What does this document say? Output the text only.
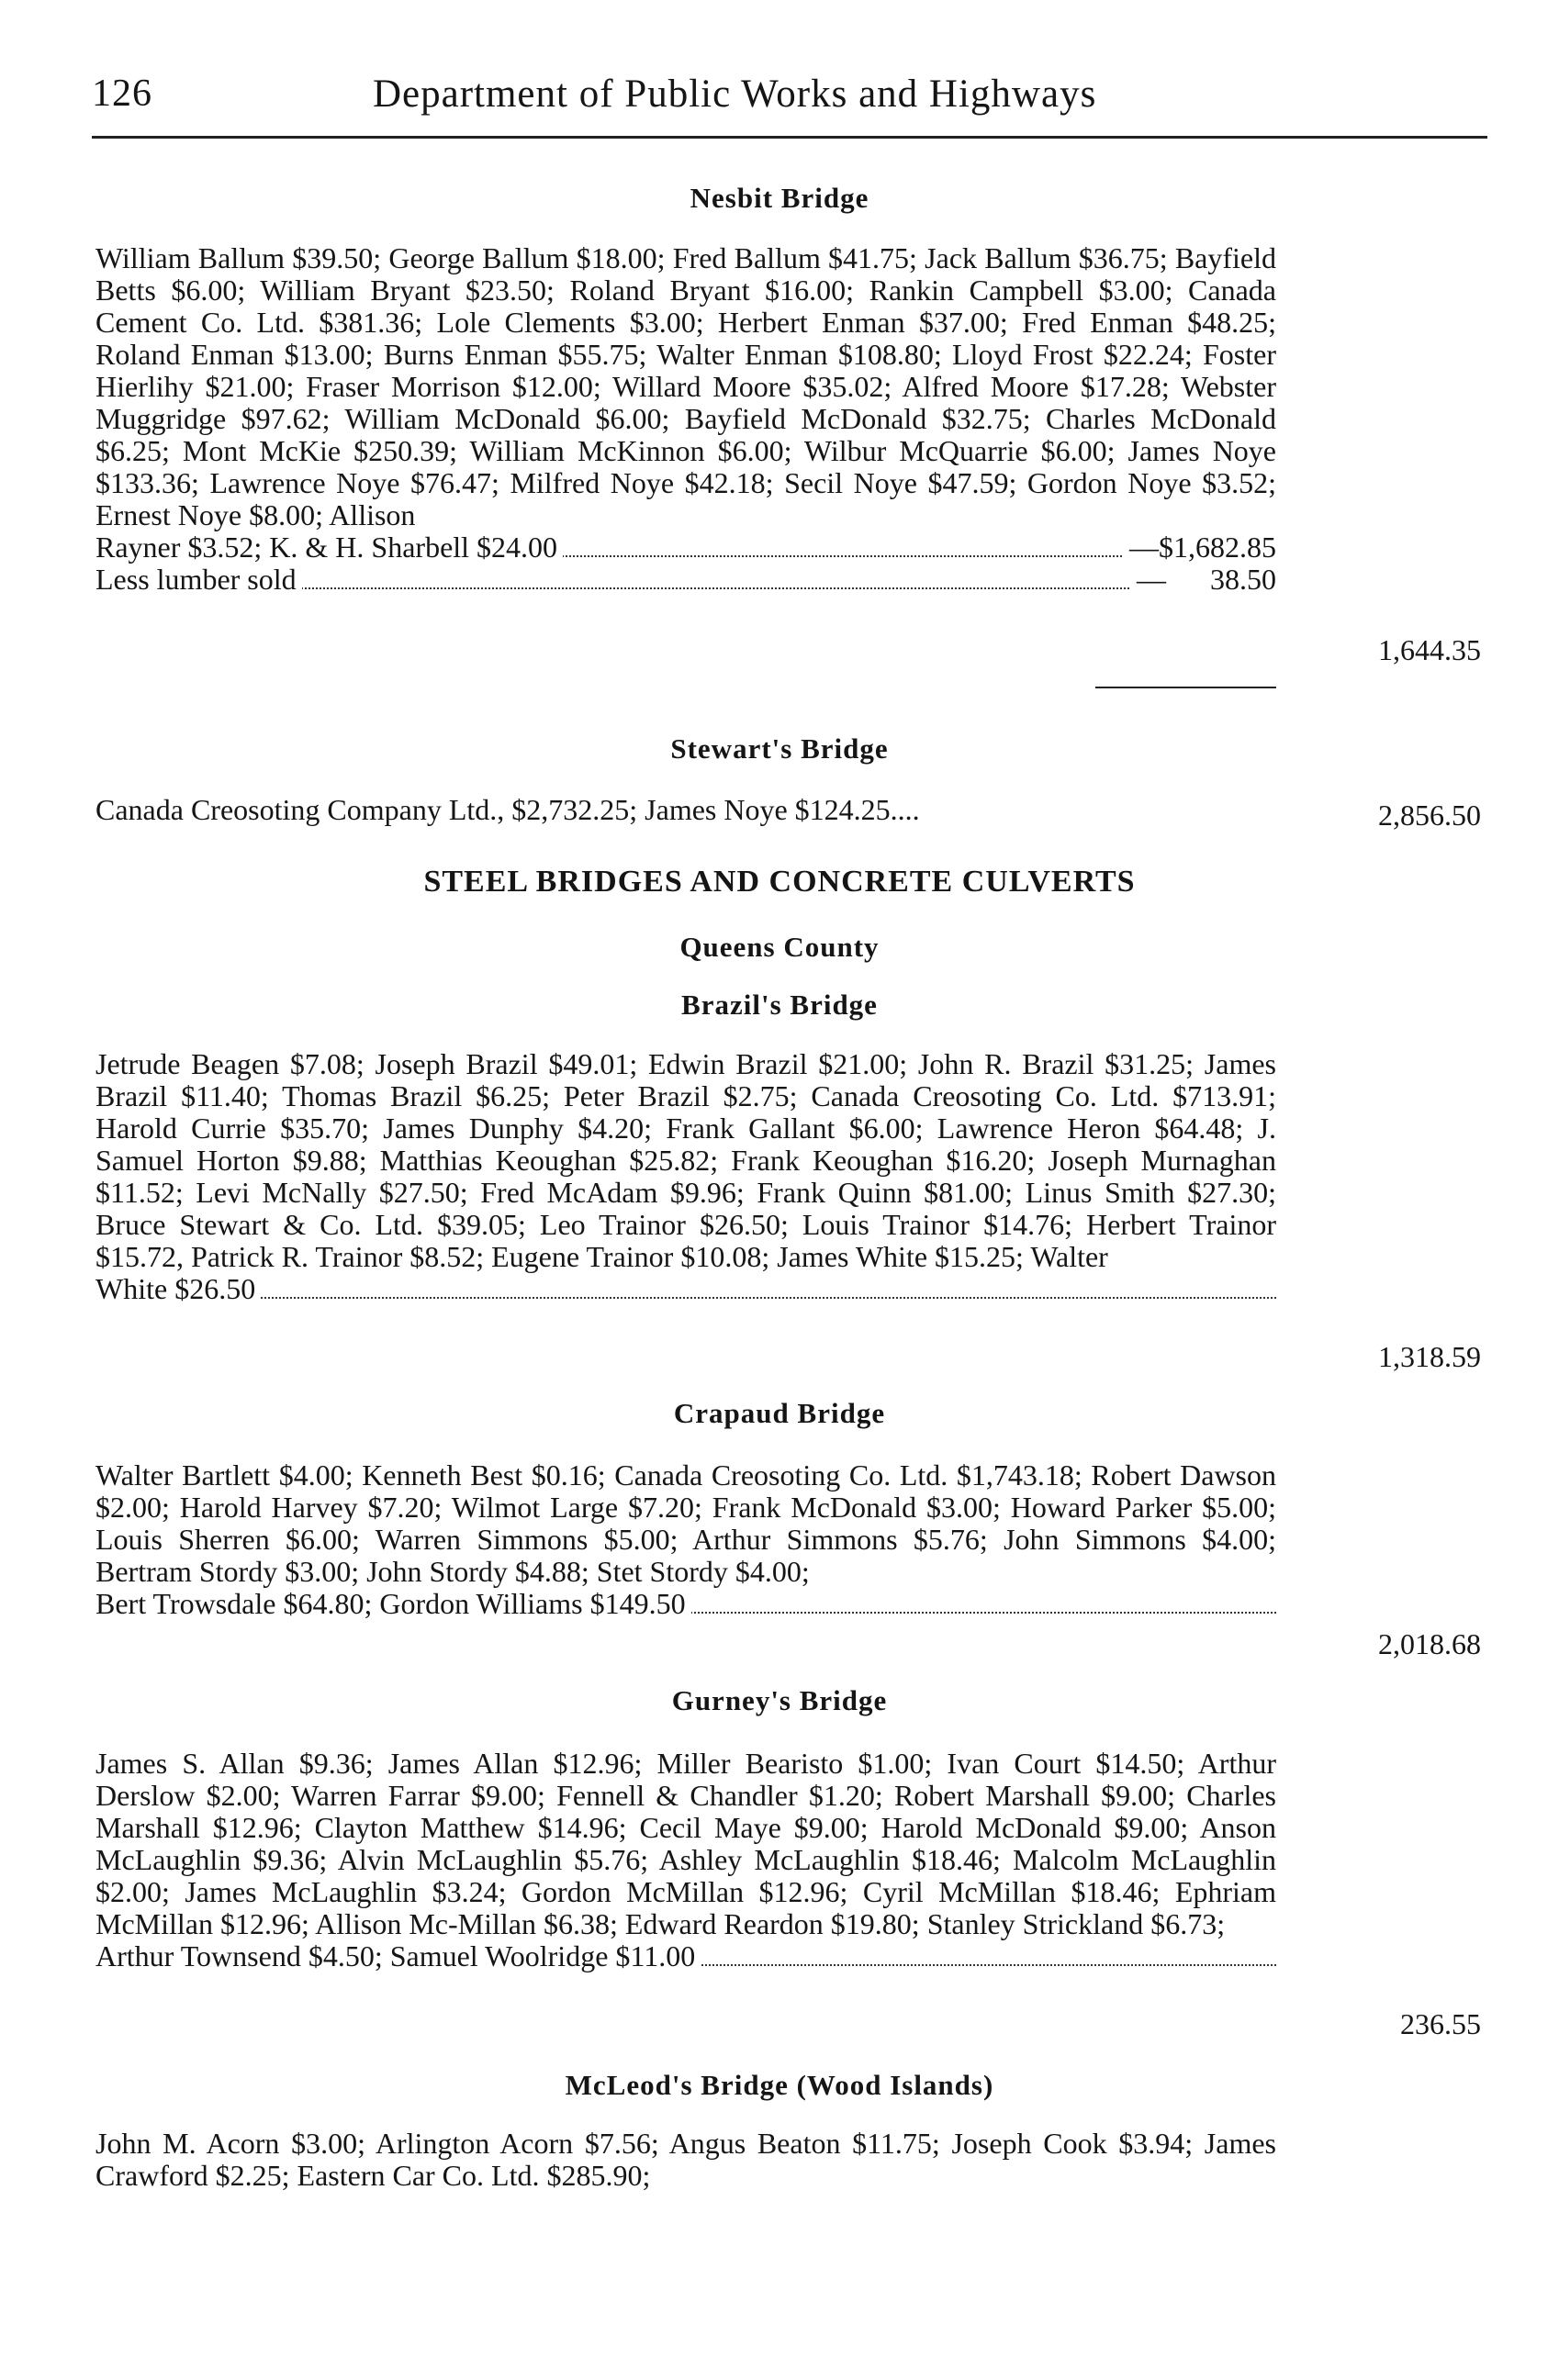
126	Department of Public Works and Highways
Nesbit Bridge
William Ballum $39.50; George Ballum $18.00; Fred Ballum $41.75; Jack Ballum $36.75; Bayfield Betts $6.00; William Bryant $23.50; Roland Bryant $16.00; Rankin Campbell $3.00; Canada Cement Co. Ltd. $381.36; Lole Clements $3.00; Herbert Enman $37.00; Fred Enman $48.25; Roland Enman $13.00; Burns Enman $55.75; Walter Enman $108.80; Lloyd Frost $22.24; Foster Hierlihy $21.00; Fraser Morrison $12.00; Willard Moore $35.02; Alfred Moore $17.28; Webster Muggridge $97.62; William McDonald $6.00; Bayfield McDonald $32.75; Charles McDonald $6.25; Mont McKie $250.39; William McKinnon $6.00; Wilbur McQuarrie $6.00; James Noye $133.36; Lawrence Noye $76.47; Milfred Noye $42.18; Secil Noye $47.59; Gordon Noye $3.52; Ernest Noye $8.00; Allison
Rayner $3.52; K. & H. Sharbell $24.00	—$1,682.85
Less lumber sold	—      38.50
1,644.35
Stewart's Bridge
Canada Creosoting Company Ltd., $2,732.25; James Noye $124.25....	2,856.50
STEEL BRIDGES AND CONCRETE CULVERTS
Queens County
Brazil's Bridge
Jetrude Beagen $7.08; Joseph Brazil $49.01; Edwin Brazil $21.00; John R. Brazil $31.25; James Brazil $11.40; Thomas Brazil $6.25; Peter Brazil $2.75; Canada Creosoting Co. Ltd. $713.91; Harold Currie $35.70; James Dunphy $4.20; Frank Gallant $6.00; Lawrence Heron $64.48; J. Samuel Horton $9.88; Matthias Keoughan $25.82; Frank Keoughan $16.20; Joseph Murnaghan $11.52; Levi McNally $27.50; Fred McAdam $9.96; Frank Quinn $81.00; Linus Smith $27.30; Bruce Stewart & Co. Ltd. $39.05; Leo Trainor $26.50; Louis Trainor $14.76; Herbert Trainor $15.72, Patrick R. Trainor $8.52; Eugene Trainor $10.08; James White $15.25; Walter
White $26.50
1,318.59
Crapaud Bridge
Walter Bartlett $4.00; Kenneth Best $0.16; Canada Creosoting Co. Ltd. $1,743.18; Robert Dawson $2.00; Harold Harvey $7.20; Wilmot Large $7.20; Frank McDonald $3.00; Howard Parker $5.00; Louis Sherren $6.00; Warren Simmons $5.00; Arthur Simmons $5.76; John Simmons $4.00; Bertram Stordy $3.00; John Stordy $4.88; Stet Stordy $4.00;
Bert Trowsdale $64.80; Gordon Williams $149.50
2,018.68
Gurney's Bridge
James S. Allan $9.36; James Allan $12.96; Miller Bearisto $1.00; Ivan Court $14.50; Arthur Derslow $2.00; Warren Farrar $9.00; Fennell & Chandler $1.20; Robert Marshall $9.00; Charles Marshall $12.96; Clayton Matthew $14.96; Cecil Maye $9.00; Harold McDonald $9.00; Anson McLaughlin $9.36; Alvin McLaughlin $5.76; Ashley McLaughlin $18.46; Malcolm McLaughlin $2.00; James McLaughlin $3.24; Gordon McMillan $12.96; Cyril McMillan $18.46; Ephriam McMillan $12.96; Allison Mc-Millan $6.38; Edward Reardon $19.80; Stanley Strickland $6.73;
Arthur Townsend $4.50; Samuel Woolridge $11.00
236.55
McLeod's Bridge (Wood Islands)
John M. Acorn $3.00; Arlington Acorn $7.56; Angus Beaton $11.75; Joseph Cook $3.94; James Crawford $2.25; Eastern Car Co. Ltd. $285.90;
